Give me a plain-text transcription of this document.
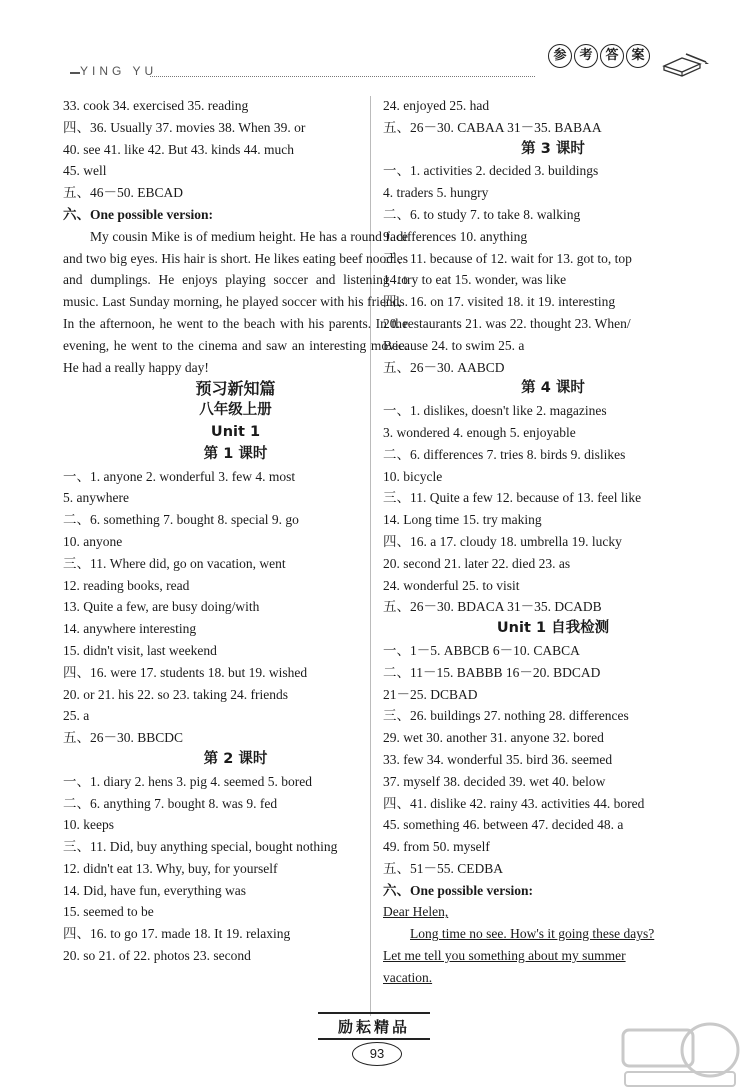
YING YU
参 考 答 案
33. cook 34. exercised 35. reading
四、36. Usually 37. movies 38. When 39. or
40. see 41. like 42. But 43. kinds 44. much
45. well
五、46－50. EBCAD
六、One possible version:
My cousin Mike is of medium height. He has a round face and two big eyes. His hair is short. He likes eating beef noodles and dumplings. He enjoys playing soccer and listening to music. Last Sunday morning, he played soccer with his friends. In the afternoon, he went to the beach with his parents. In the evening, he went to the cinema and saw an interesting movie. He had a really happy day!
预习新知篇
八年级上册
Unit 1
第 1 课时
一、1. anyone 2. wonderful 3. few 4. most
5. anywhere
二、6. something 7. bought 8. special 9. go
10. anyone
三、11. Where did, go on vacation, went
12. reading books, read
13. Quite a few, are busy doing/with
14. anywhere interesting
15. didn't visit, last weekend
四、16. were 17. students 18. but 19. wished
20. or 21. his 22. so 23. taking 24. friends
25. a
五、26－30. BBCDC
第 2 课时
一、1. diary 2. hens 3. pig 4. seemed 5. bored
二、6. anything 7. bought 8. was 9. fed
10. keeps
三、11. Did, buy anything special, bought nothing
12. didn't eat 13. Why, buy, for yourself
14. Did, have fun, everything was
15. seemed to be
四、16. to go 17. made 18. It 19. relaxing
20. so 21. of 22. photos 23. second
24. enjoyed 25. had
五、26－30. CABAA 31－35. BABAA
第 3 课时
一、1. activities 2. decided 3. buildings
4. traders 5. hungry
二、6. to study 7. to take 8. walking
9. differences 10. anything
三、11. because of 12. wait for 13. got to, top
14. try to eat 15. wonder, was like
四、16. on 17. visited 18. it 19. interesting
20. restaurants 21. was 22. thought 23. When/
Because 24. to swim 25. a
五、26－30. AABCD
第 4 课时
一、1. dislikes, doesn't like 2. magazines
3. wondered 4. enough 5. enjoyable
二、6. differences 7. tries 8. birds 9. dislikes
10. bicycle
三、11. Quite a few 12. because of 13. feel like
14. Long time 15. try making
四、16. a 17. cloudy 18. umbrella 19. lucky
20. second 21. later 22. died 23. as
24. wonderful 25. to visit
五、26－30. BDACA 31－35. DCADB
Unit 1 自我检测
一、1－5. ABBCB 6－10. CABCA
二、11－15. BABBB 16－20. BDCAD
21－25. DCBAD
三、26. buildings 27. nothing 28. differences
29. wet 30. another 31. anyone 32. bored
33. few 34. wonderful 35. bird 36. seemed
37. myself 38. decided 39. wet 40. below
四、41. dislike 42. rainy 43. activities 44. bored
45. something 46. between 47. decided 48. a
49. from 50. myself
五、51－55. CEDBA
六、One possible version:
Dear Helen,
Long time no see. How's it going these days?
Let me tell you something about my summer
vacation.
励耘精品
93
